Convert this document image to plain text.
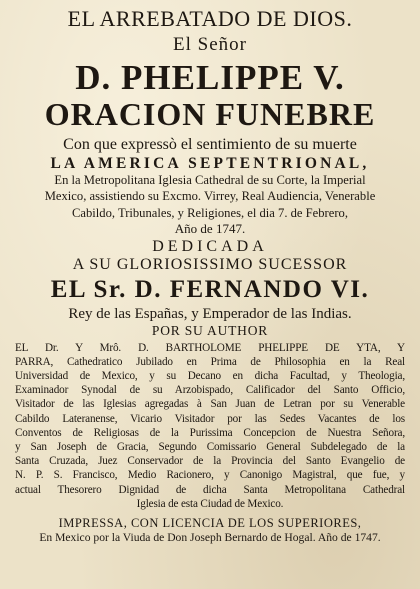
EL ARREBATADO DE DIOS.

El Señor

D. PHELIPPE V.

ORACION FUNEBRE

Con que expressò el sentimiento de su muerte

LA AMERICA SEPTENTRIONAL,

En la Metropolitana Iglesia Cathedral de su Corte, la Imperial

Mexico, assistiendo su Excmo. Virrey, Real Audiencia, Venerable

Cabildo, Tribunales, y Religiones, el dia 7. de Febrero,

Año de 1747.

DEDICADA

A SU GLORIOSISSIMO SUCESSOR

EL Sr. D. FERNANDO VI.

Rey de las Españas, y Emperador de las Indias.

POR SU AUTHOR

EL Dr. Y Mrô. D. BARTHOLOME PHELIPPE DE YTA, Y
PARRA, Cathedratico Jubilado en Prima de Philosophia en la Real
Universidad de Mexico, y su Decano en dicha Facultad, y Theologia,
Examinador Synodal de su Arzobispado, Calificador del Santo Officio,
Visitador de las Iglesias agregadas à San Juan de Letran por su Venerable
Cabildo Lateranense, Vicario Visitador por las Sedes Vacantes de los
Conventos de Religiosas de la Purissima Concepcion de Nuestra Señora,
y San Joseph de Gracia, Segundo Comissario General Subdelegado de la
Santa Cruzada, Juez Conservador de la Provincia del Santo Evangelio de
N. P. S. Francisco, Medio Racionero, y Canonigo Magistral, que fue, y
actual Thesorero Dignidad de dicha Santa Metropolitana Cathedral
Iglesia de esta Ciudad de Mexico.

IMPRESSA, CON LICENCIA DE LOS SUPERIORES,

En Mexico por la Viuda de Don Joseph Bernardo de Hogal. Año de 1747.
